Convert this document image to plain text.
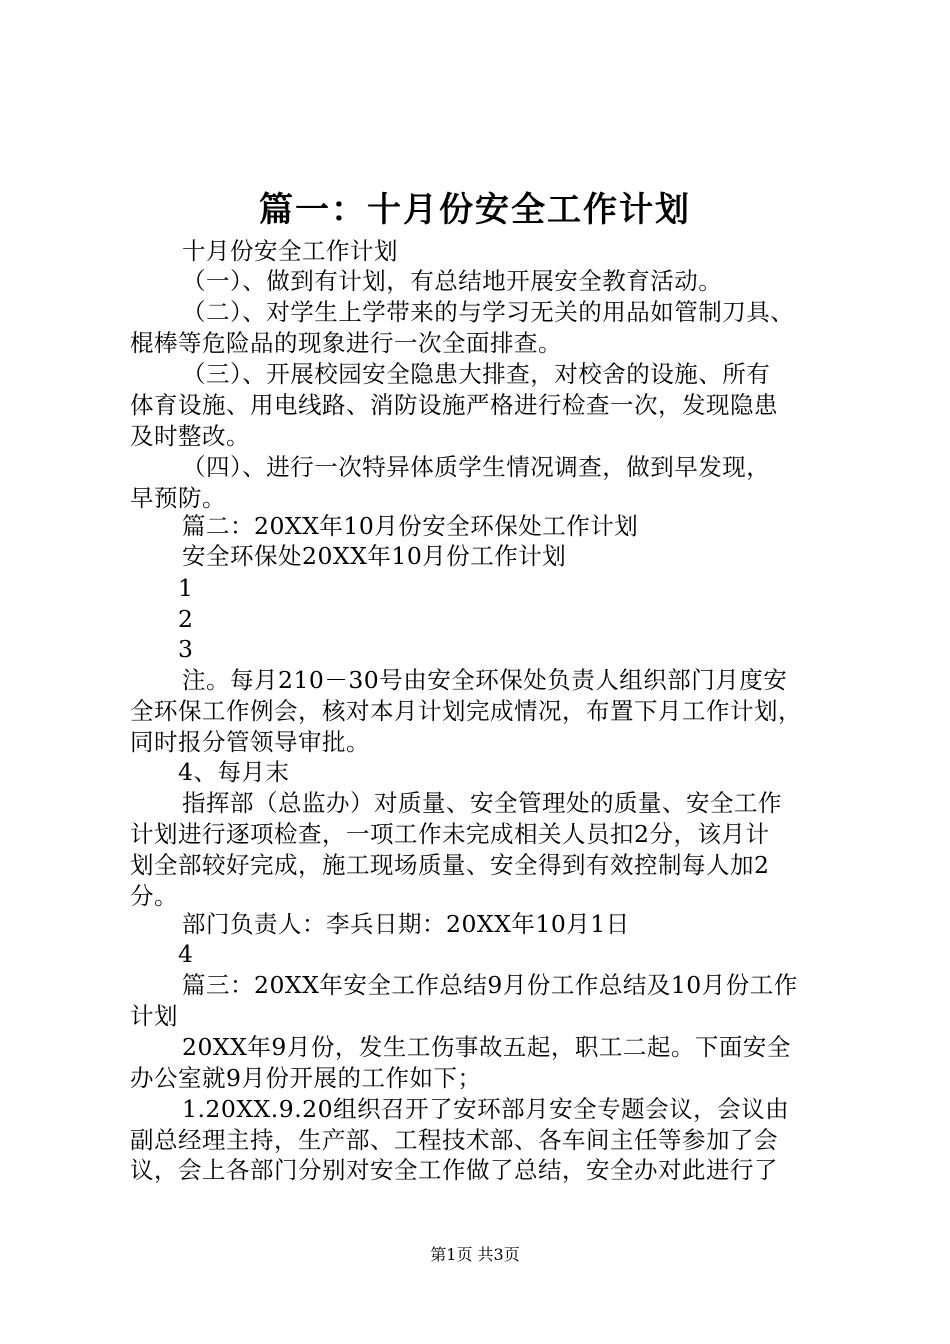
篇一：十月份安全工作计划
十月份安全工作计划
（一）、做到有计划，有总结地开展安全教育活动。
（二）、对学生上学带来的与学习无关的用品如管制刀具、
棍棒等危险品的现象进行一次全面排查。
（三）、开展校园安全隐患大排查，对校舍的设施、所有
体育设施、用电线路、消防设施严格进行检查一次，发现隐患
及时整改。
（四）、进行一次特异体质学生情况调查，做到早发现，
早预防。
篇二：20XX年10月份安全环保处工作计划
安全环保处20XX年10月份工作计划
1
2
3
注。每月210－30号由安全环保处负责人组织部门月度安
全环保工作例会，核对本月计划完成情况，布置下月工作计划，
同时报分管领导审批。
4、每月末
指挥部（总监办）对质量、安全管理处的质量、安全工作
计划进行逐项检查，一项工作未完成相关人员扣2分，该月计
划全部较好完成，施工现场质量、安全得到有效控制每人加2
分。
部门负责人：李兵日期：20XX年10月1日
4
篇三：20XX年安全工作总结9月份工作总结及10月份工作
计划
20XX年9月份，发生工伤事故五起，职工二起。下面安全
办公室就9月份开展的工作如下；
1.20XX.9.20组织召开了安环部月安全专题会议，会议由
副总经理主持，生产部、工程技术部、各车间主任等参加了会
议，会上各部门分别对安全工作做了总结，安全办对此进行了
第1页 共3页
